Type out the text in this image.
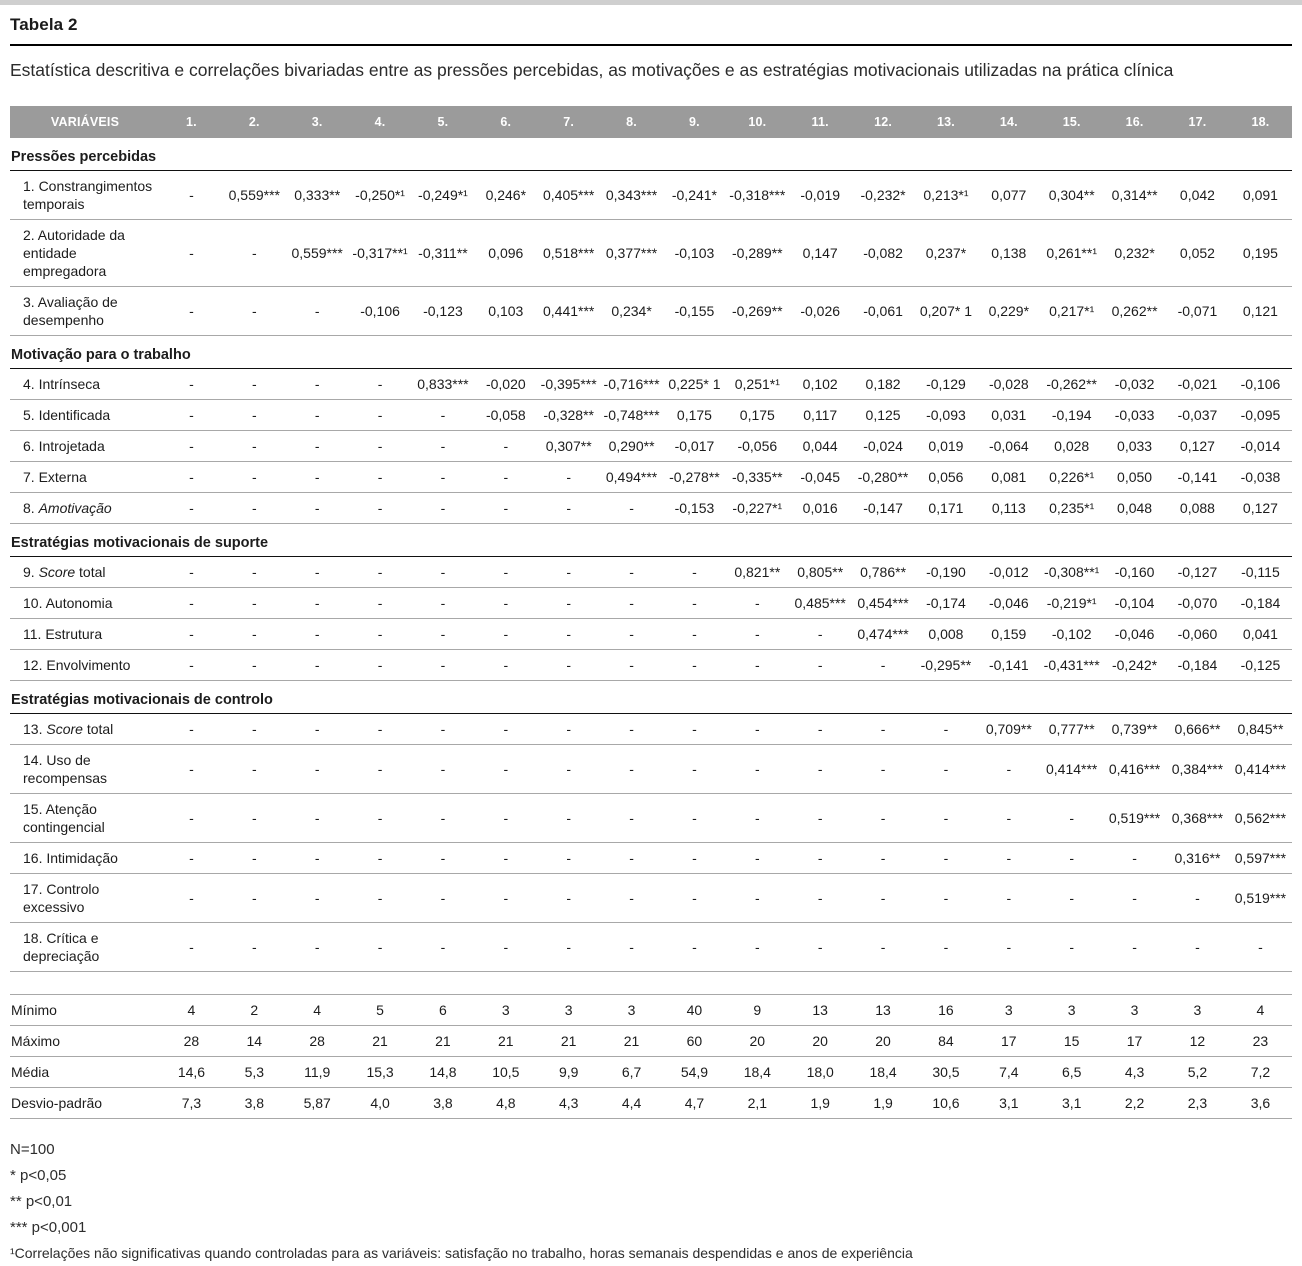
Tabela 2

Estatística descritiva e correlações bivariadas entre as pressões percebidas, as motivações e as estratégias motivacionais utilizadas na prática clínica

VARIÁVEIS	1.	2.	3.	4.	5.	6.	7.	8.	9.	10.	11.	12.	13.	14.	15.	16.	17.	18.
Pressões percebidas																		
1. Constrangimentos temporais	-	0,559***	0,333**	-0,250*¹	-0,249*¹	0,246*	0,405***	0,343***	-0,241*	-0,318***	-0,019	-0,232*	0,213*¹	0,077	0,304**	0,314**	0,042	0,091
2. Autoridade da entidade empregadora	-	-	0,559***	-0,317**¹	-0,311**	0,096	0,518***	0,377***	-0,103	-0,289**	0,147	-0,082	0,237*	0,138	0,261**¹	0,232*	0,052	0,195
3. Avaliação de desempenho	-	-	-	-0,106	-0,123	0,103	0,441***	0,234*	-0,155	-0,269**	-0,026	-0,061	0,207* 1	0,229*	0,217*¹	0,262**	-0,071	0,121
Motivação para o trabalho																		
4. Intrínseca	-	-	-	-	0,833***	-0,020	-0,395***	-0,716***	0,225* 1	0,251*¹	0,102	0,182	-0,129	-0,028	-0,262**	-0,032	-0,021	-0,106
5. Identificada	-	-	-	-	-	-0,058	-0,328**	-0,748***	0,175	0,175	0,117	0,125	-0,093	0,031	-0,194	-0,033	-0,037	-0,095
6. Introjetada	-	-	-	-	-	-	0,307**	0,290**	-0,017	-0,056	0,044	-0,024	0,019	-0,064	0,028	0,033	0,127	-0,014
7. Externa	-	-	-	-	-	-	-	0,494***	-0,278**	-0,335**	-0,045	-0,280**	0,056	0,081	0,226*¹	0,050	-0,141	-0,038
8. Amotivação	-	-	-	-	-	-	-	-	-0,153	-0,227*¹	0,016	-0,147	0,171	0,113	0,235*¹	0,048	0,088	0,127
Estratégias motivacionais de suporte																		
9. Score total	-	-	-	-	-	-	-	-	-	0,821**	0,805**	0,786**	-0,190	-0,012	-0,308**¹	-0,160	-0,127	-0,115
10. Autonomia	-	-	-	-	-	-	-	-	-	-	0,485***	0,454***	-0,174	-0,046	-0,219*¹	-0,104	-0,070	-0,184
11. Estrutura	-	-	-	-	-	-	-	-	-	-	-	0,474***	0,008	0,159	-0,102	-0,046	-0,060	0,041
12. Envolvimento	-	-	-	-	-	-	-	-	-	-	-	-	-0,295**	-0,141	-0,431***	-0,242*	-0,184	-0,125
Estratégias motivacionais de controlo																		
13. Score total	-	-	-	-	-	-	-	-	-	-	-	-	-	0,709**	0,777**	0,739**	0,666**	0,845**
14. Uso de recompensas	-	-	-	-	-	-	-	-	-	-	-	-	-	-	0,414***	0,416***	0,384***	0,414***
15. Atenção contingencial	-	-	-	-	-	-	-	-	-	-	-	-	-	-	-	0,519***	0,368***	0,562***
16. Intimidação	-	-	-	-	-	-	-	-	-	-	-	-	-	-	-	-	0,316**	0,597***
17. Controlo excessivo	-	-	-	-	-	-	-	-	-	-	-	-	-	-	-	-	-	0,519***
18. Crítica e depreciação	-	-	-	-	-	-	-	-	-	-	-	-	-	-	-	-	-	-

Mínimo	4	2	4	5	6	3	3	3	40	9	13	13	16	3	3	3	3	4
Máximo	28	14	28	21	21	21	21	21	60	20	20	20	84	17	15	17	12	23
Média	14,6	5,3	11,9	15,3	14,8	10,5	9,9	6,7	54,9	18,4	18,0	18,4	30,5	7,4	6,5	4,3	5,2	7,2
Desvio-padrão	7,3	3,8	5,87	4,0	3,8	4,8	4,3	4,4	4,7	2,1	1,9	1,9	10,6	3,1	3,1	2,2	2,3	3,6
N=100
* p<0,05
** p<0,01
*** p<0,001
¹Correlações não significativas quando controladas para as variáveis: satisfação no trabalho, horas semanais despendidas e anos de experiência
